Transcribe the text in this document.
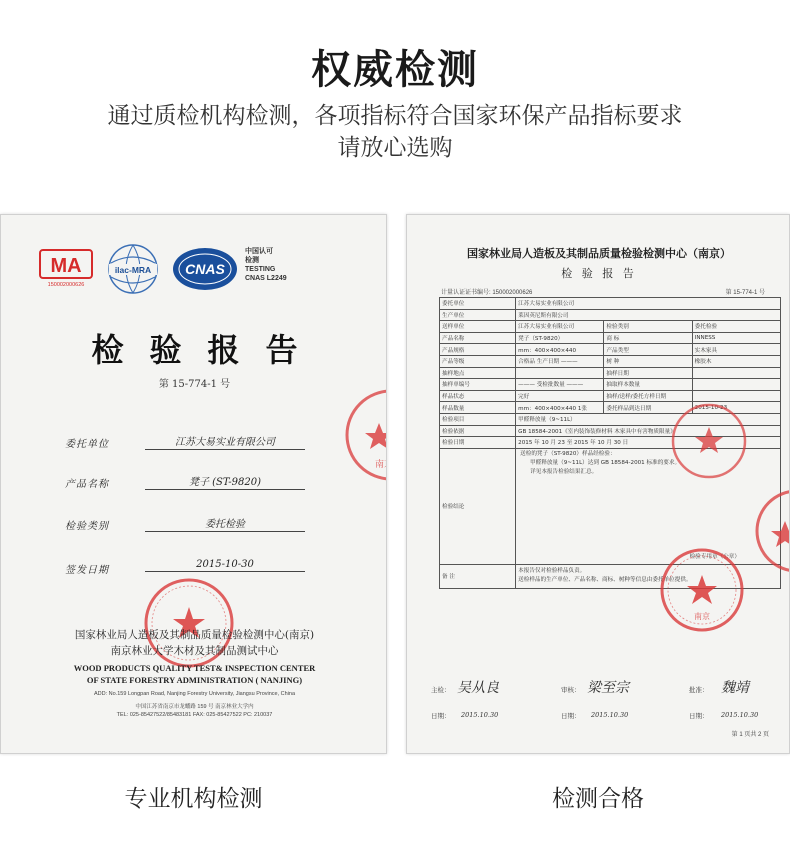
权威检测
通过质检机构检测，各项指标符合国家环保产品指标要求
请放心选购
MA
150002000626
ilac-MRA CNAS
中国认可
检测
TESTING
CNAS L2249
检验报告
第 15-774-1 号
委托单位	江苏大易实业有限公司
产品名称	凳子 (ST-9820)
检验类别	委托检验
签发日期
2015-10-30
南京
国家林业局人造板及其制品质量检验检测中心(南京)
南京林业大学木材及其制品测试中心
WOOD PRODUCTS QUALITY TEST& INSPECTION CENTER
OF STATE FORESTRY ADMINISTRATION ( NANJING)
ADD: No.159 Longpan Road, Nanjing Forestry University, Jiangsu Province, China
中国江苏省南京市龙蟠路 159 号 南京林业大学内
TEL: 025-85427522/85483181 FAX: 025-85427522 PC: 210037
国家林业局人造板及其制品质量检验检测中心（南京）
检 验 报 告
计量认证证书编号: 150002000626	第 15-774-1 号
委托单位	江苏大易实业有限公司		
生产单位	莱因英尼斯有限公司		
送样单位	江苏大易实业有限公司	检验类别	委托检验
产品名称	凳子（ST-9820）	商 标	INNESS
产品规格	mm：400×400×440	产品类型	实木家具
产品等级	合格品 生产日期 ———	树 种	橡胶木
抽样地点		抽样日期	
抽样单编号	——— 受检批数量 ———	抽取样本数量	
样品状态	完好	抽样/送样/委托方样日期	
样品数量	mm：400×400×440 1张	委托样品到达日期	2015-10-23
检验项目	甲醛释放量（9~11L）		
检验依据	GB 18584-2001《室内装饰装修材料 木家具中有害物质限量》		
检验日期	2015 年 10 月 23 至 2015 年 10 月 30 日		
检验结论	送检的凳子（ST-9820）样品经检验：
甲醛释放量（9~11L）达到 GB 18584-2001 标准的要求。
详见本报告检验结果汇总。
检验专用章（公章）		

备 注	本报告仅对检验样品负责。
送检样品的生产单位、产品名称、商标、树种等信息由委托单位提供。		
主检： 吴从良	审核： 梁至宗	批准： 魏靖
日期： 2015.10.30	日期： 2015.10.30	日期： 2015.10.30
第 1 页共 2 页
南京
专业机构检测	检测合格
